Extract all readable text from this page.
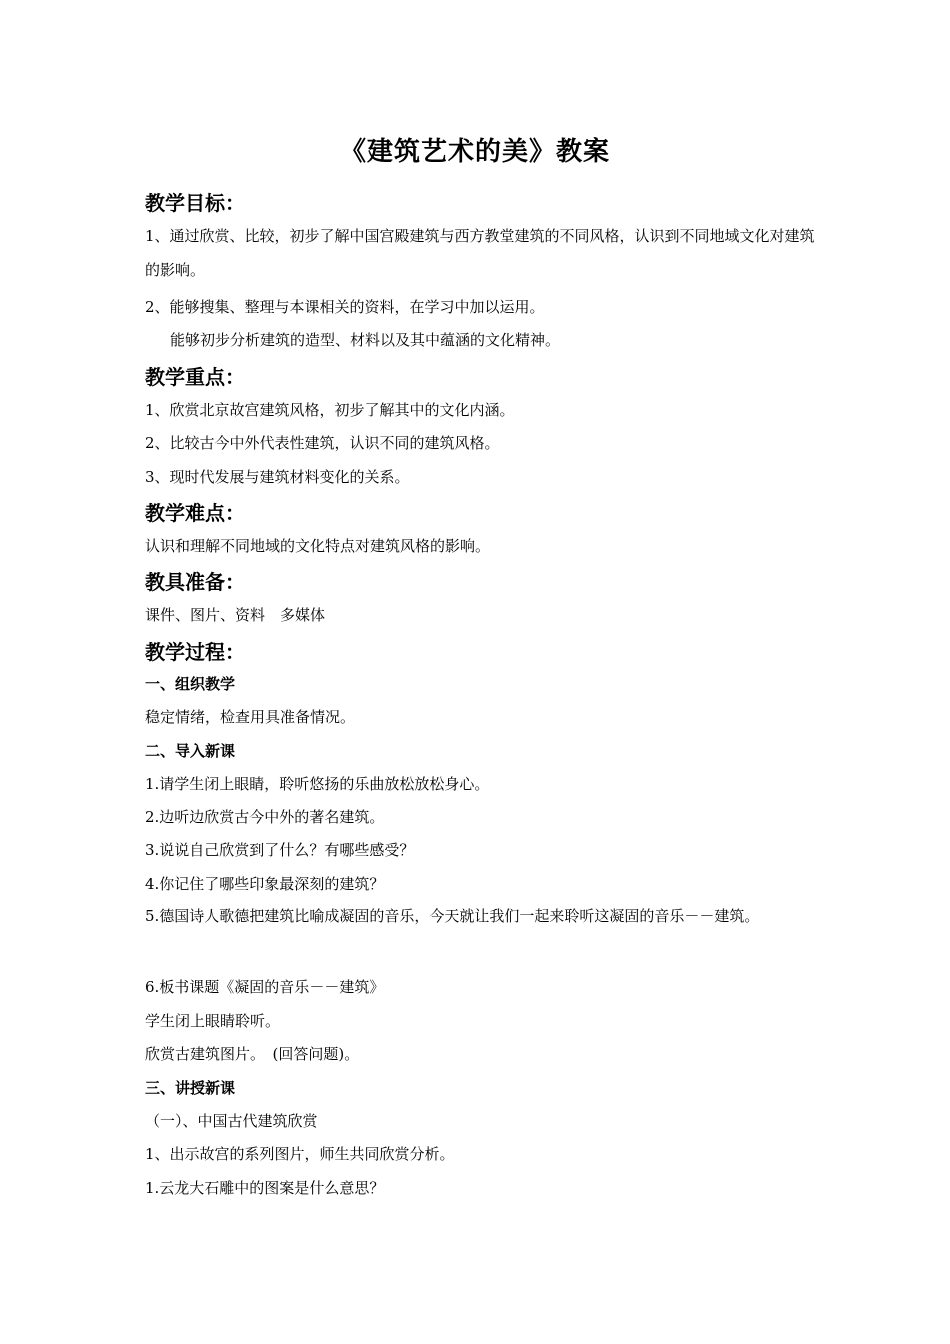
《建筑艺术的美》教案
教学目标：
1、通过欣赏、比较，初步了解中国宫殿建筑与西方教堂建筑的不同风格，认识到不同地域文化对建筑的影响。
2、能够搜集、整理与本课相关的资料，在学习中加以运用。
能够初步分析建筑的造型、材料以及其中蕴涵的文化精神。
教学重点：
1、欣赏北京故宫建筑风格，初步了解其中的文化内涵。
2、比较古今中外代表性建筑，认识不同的建筑风格。
3、现时代发展与建筑材料变化的关系。
教学难点：
认识和理解不同地域的文化特点对建筑风格的影响。
教具准备：
课件、图片、资料　多媒体
教学过程：
一、组织教学
稳定情绪，检查用具准备情况。
二、导入新课
1.请学生闭上眼睛，聆听悠扬的乐曲放松放松身心。
2.边听边欣赏古今中外的著名建筑。
3.说说自己欣赏到了什么？有哪些感受？
4.你记住了哪些印象最深刻的建筑？
5.德国诗人歌德把建筑比喻成凝固的音乐，今天就让我们一起来聆听这凝固的音乐－－建筑。
6.板书课题《凝固的音乐－－建筑》
学生闭上眼睛聆听。
欣赏古建筑图片。　(回答问题)。
三、讲授新课
（一）、中国古代建筑欣赏
1、出示故宫的系列图片，师生共同欣赏分析。
1.云龙大石雕中的图案是什么意思？
